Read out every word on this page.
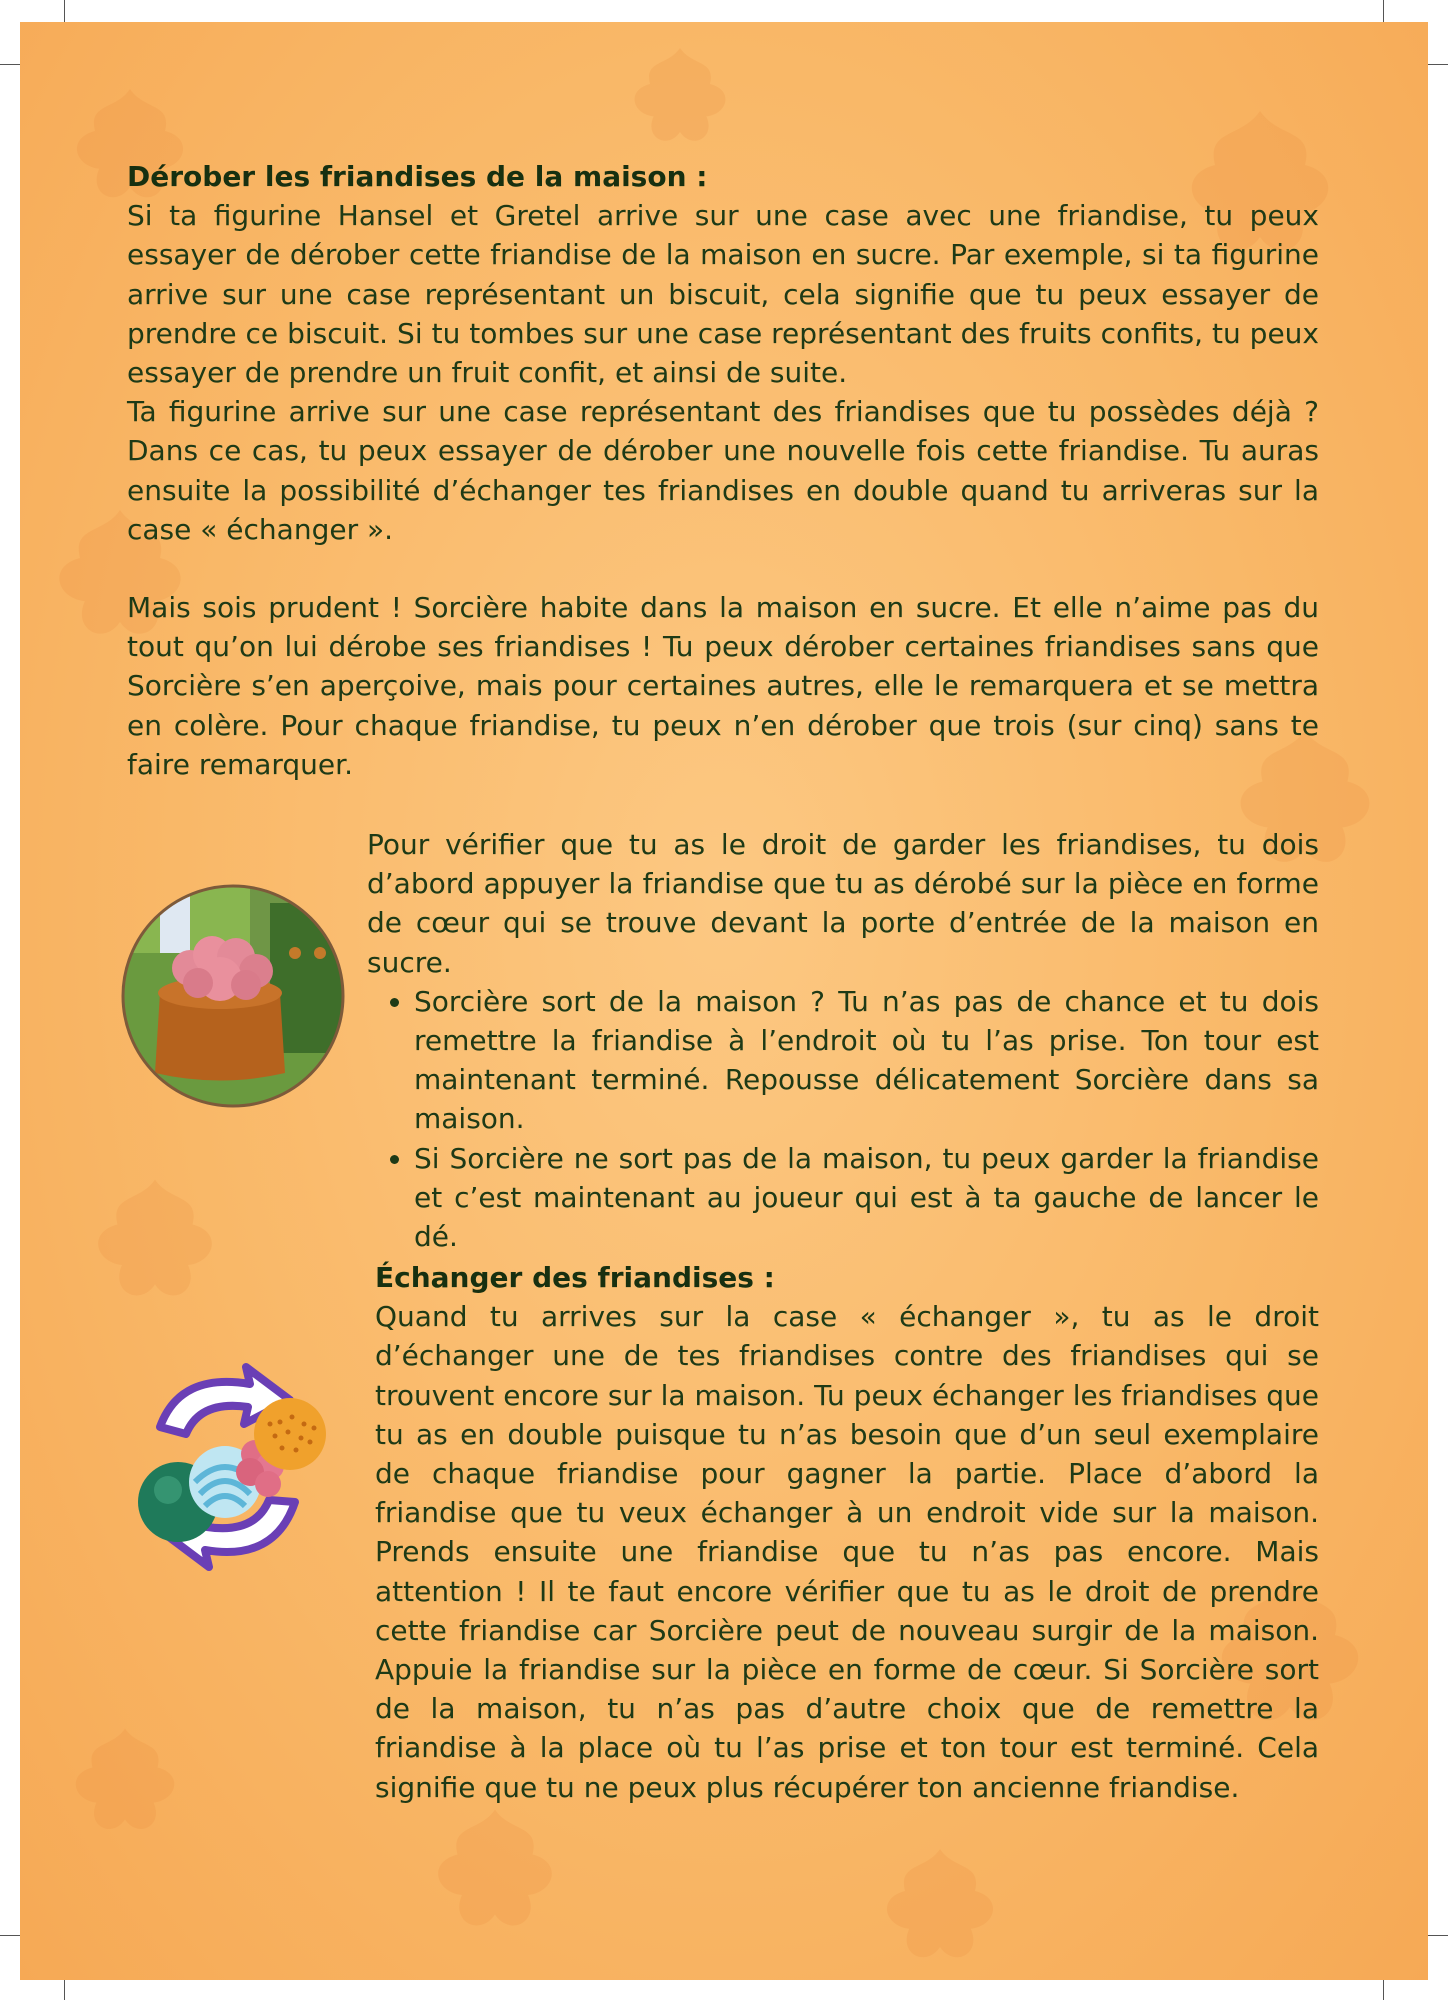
Dérober les friandises de la maison :

Si ta figurine Hansel et Gretel arrive sur une case avec une friandise, tu peux essayer de dérober cette friandise de la maison en sucre. Par exemple, si ta figurine arrive sur une case représentant un biscuit, cela signifie que tu peux essayer de prendre ce biscuit. Si tu tombes sur une case représentant des fruits confits, tu peux essayer de prendre un fruit confit, et ainsi de suite.

Ta figurine arrive sur une case représentant des friandises que tu possèdes déjà ? Dans ce cas, tu peux essayer de dérober une nouvelle fois cette friandise. Tu auras ensuite la possibilité d’échanger tes friandises en double quand tu arriveras sur la case « échanger ».

Mais sois prudent ! Sorcière habite dans la maison en sucre. Et elle n’aime pas du tout qu’on lui dérobe ses friandises ! Tu peux dérober certaines friandises sans que Sorcière s’en aperçoive, mais pour certaines autres, elle le remarquera et se mettra en colère. Pour chaque friandise, tu peux n’en dérober que trois (sur cinq) sans te faire remarquer.

Pour vérifier que tu as le droit de garder les friandises, tu dois d’abord appuyer la friandise que tu as dérobé sur la pièce en forme de cœur qui se trouve devant la porte d’entrée de la maison en sucre.

• Sorcière sort de la maison ? Tu n’as pas de chance et tu dois remettre la friandise à l’endroit où tu l’as prise. Ton tour est maintenant terminé. Repousse délicatement Sorcière dans sa maison.
• Si Sorcière ne sort pas de la maison, tu peux garder la friandise et c’est maintenant au joueur qui est à ta gauche de lancer le dé.

Échanger des friandises :

Quand tu arrives sur la case « échanger », tu as le droit d’échanger une de tes friandises contre des friandises qui se trouvent encore sur la maison. Tu peux échanger les friandises que tu as en double puisque tu n’as besoin que d’un seul exemplaire de chaque friandise pour gagner la partie. Place d’abord la friandise que tu veux échanger à un endroit vide sur la maison. Prends ensuite une friandise que tu n’as pas encore. Mais attention ! Il te faut encore vérifier que tu as le droit de prendre cette friandise car Sorcière peut de nouveau surgir de la maison. Appuie la friandise sur la pièce en forme de cœur. Si Sorcière sort de la maison, tu n’as pas d’autre choix que de remettre la friandise à la place où tu l’as prise et ton tour est terminé. Cela signifie que tu ne peux plus récupérer ton ancienne friandise.
